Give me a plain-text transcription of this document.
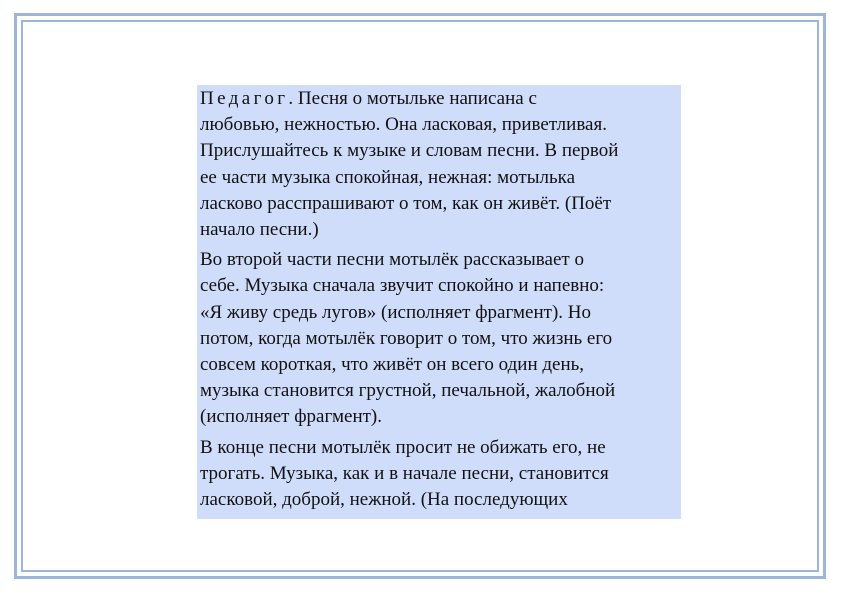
Педагог. Песня о мотыльке написана с
любовью, нежностью. Она ласковая, приветливая.
Прислушайтесь к музыке и словам песни. В первой
ее части музыка спокойная, нежная: мотылька
ласково расспрашивают о том, как он живёт. (Поёт
начало песни.)

Во второй части песни мотылёк рассказывает о
себе. Музыка сначала звучит спокойно и напевно:
«Я живу средь лугов» (исполняет фрагмент). Но
потом, когда мотылёк говорит о том, что жизнь его
совсем короткая, что живёт он всего один день,
музыка становится грустной, печальной, жалобной
(исполняет фрагмент).

В конце песни мотылёк просит не обижать его, не
трогать. Музыка, как и в начале песни, становится
ласковой, доброй, нежной. (На последующих
